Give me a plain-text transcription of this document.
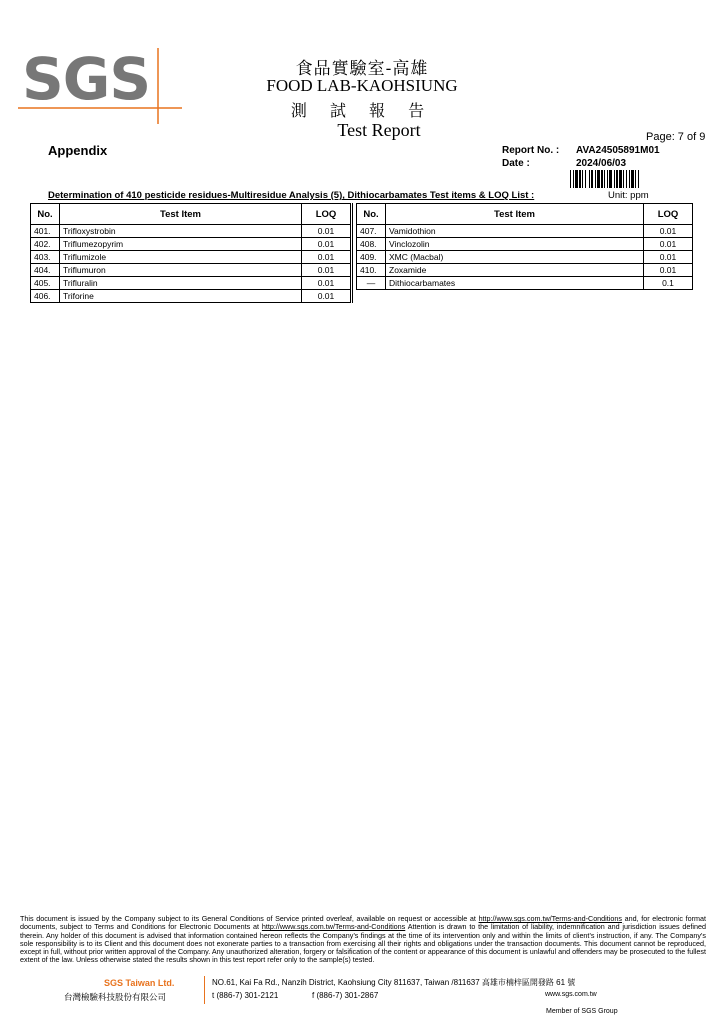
SGS	食品實驗室-高雄
FOOD LAB-KAOHSIUNG
測 試 報 告
Test Report	Page: 7 of 9
Appendix	Report No. : AVA24505891M01
Date :	2024/06/03
Determination of 410 pesticide residues-Multiresidue Analysis (5), Dithiocarbamates Test items & LOQ List :	Unit: ppm
No.	Test Item	LOQ
401.	Trifloxystrobin	0.01
402.	Triflumezopyrim	0.01
403.	Triflumizole	0.01
404.	Triflumuron	0.01
405.	Trifluralin	0.01
406.	Triforine	0.01
No.	Test Item	LOQ
407.	Vamidothion	0.01
408.	Vinclozolin	0.01
409.	XMC (Macbal)	0.01
410.	Zoxamide	0.01
—	Dithiocarbamates	0.1
This document is issued by the Company subject to its General Conditions of Service printed overleaf, available on request or accessible at http://www.sgs.com.tw/Terms-and-Conditions and, for electronic format documents, subject to Terms and Conditions for Electronic Documents at http://www.sgs.com.tw/Terms-and-Conditions Attention is drawn to the limitation of liability, indemnification and jurisdiction issues defined therein. Any holder of this document is advised that information contained hereon reflects the Company’s findings at the time of its intervention only and within the limits of client’s instruction, if any. The Company’s sole responsibility is to its Client and this document does not exonerate parties to a transaction from exercising all their rights and obligations under the transaction documents. This document cannot be reproduced, except in full, without prior written approval of the Company. Any unauthorized alteration, forgery or falsification of the content or appearance of this document is unlawful and offenders may be prosecuted to the fullest extent of the law. Unless otherwise stated the results shown in this test report refer only to the sample(s) tested.
SGS Taiwan Ltd.
台灣檢驗科技股份有限公司
NO.61, Kai Fa Rd., Nanzih District, Kaohsiung City 811637, Taiwan /811637 高雄市楠梓區開發路 61 號
t (886-7) 301-2121	f (886-7) 301-2867	www.sgs.com.tw
Member of SGS Group
